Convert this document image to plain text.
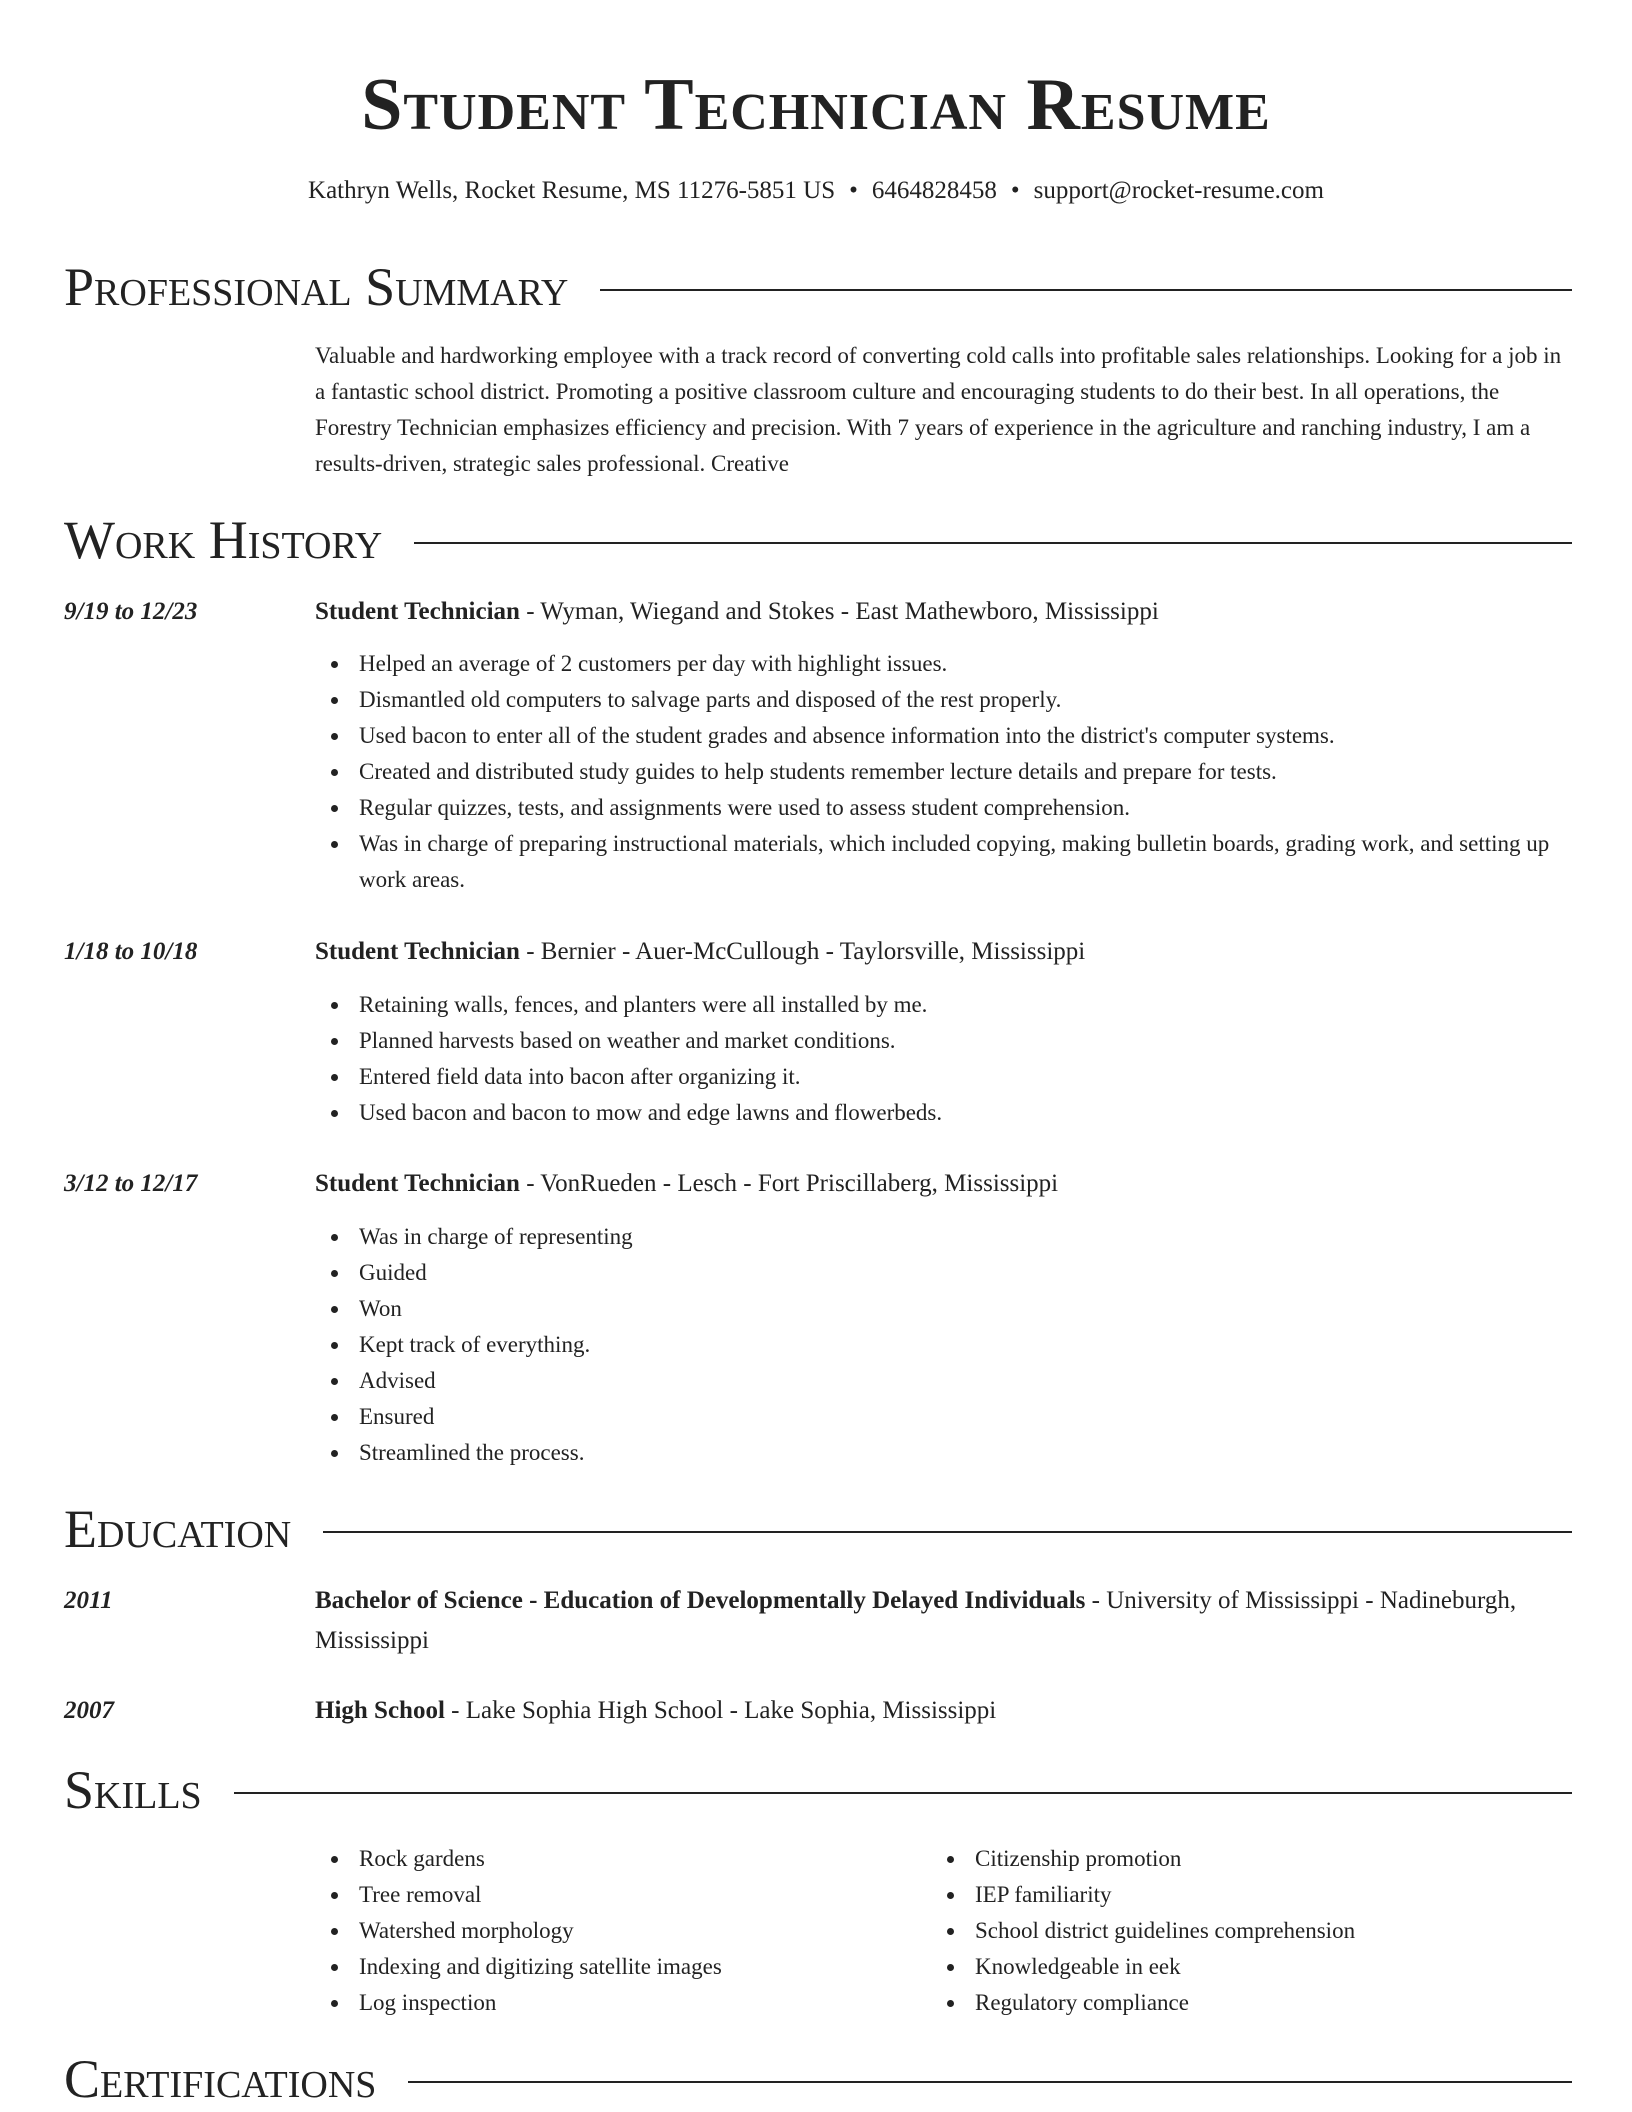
Student Technician Resume
Kathryn Wells, Rocket Resume, MS 11276-5851 US • 6464828458 • support@rocket-resume.com
Professional Summary

Valuable and hardworking employee with a track record of converting cold calls into profitable sales relationships. Looking for a job in a fantastic school district. Promoting a positive classroom culture and encouraging students to do their best. In all operations, the Forestry Technician emphasizes efficiency and precision. With 7 years of experience in the agriculture and ranching industry, I am a results-driven, strategic sales professional. Creative

Work History
9/19 to 12/23	Student Technician - Wyman, Wiegand and Stokes - East Mathewboro, Mississippi
Helped an average of 2 customers per day with highlight issues.
Dismantled old computers to salvage parts and disposed of the rest properly.
Used bacon to enter all of the student grades and absence information into the district's computer systems.
Created and distributed study guides to help students remember lecture details and prepare for tests.
Regular quizzes, tests, and assignments were used to assess student comprehension.
Was in charge of preparing instructional materials, which included copying, making bulletin boards, grading work, and setting up work areas.
1/18 to 10/18	Student Technician - Bernier - Auer-McCullough - Taylorsville, Mississippi
Retaining walls, fences, and planters were all installed by me.
Planned harvests based on weather and market conditions.
Entered field data into bacon after organizing it.
Used bacon and bacon to mow and edge lawns and flowerbeds.
3/12 to 12/17	Student Technician - VonRueden - Lesch - Fort Priscillaberg, Mississippi
Was in charge of representing
Guided
Won
Kept track of everything.
Advised
Ensured
Streamlined the process.
Education
2011	Bachelor of Science - Education of Developmentally Delayed Individuals - University of Mississippi - Nadineburgh, Mississippi
2007	High School - Lake Sophia High School - Lake Sophia, Mississippi
Skills
Rock gardens
Tree removal
Watershed morphology
Indexing and digitizing satellite images
Log inspection
Citizenship promotion
IEP familiarity
School district guidelines comprehension
Knowledgeable in eek
Regulatory compliance
Certifications
